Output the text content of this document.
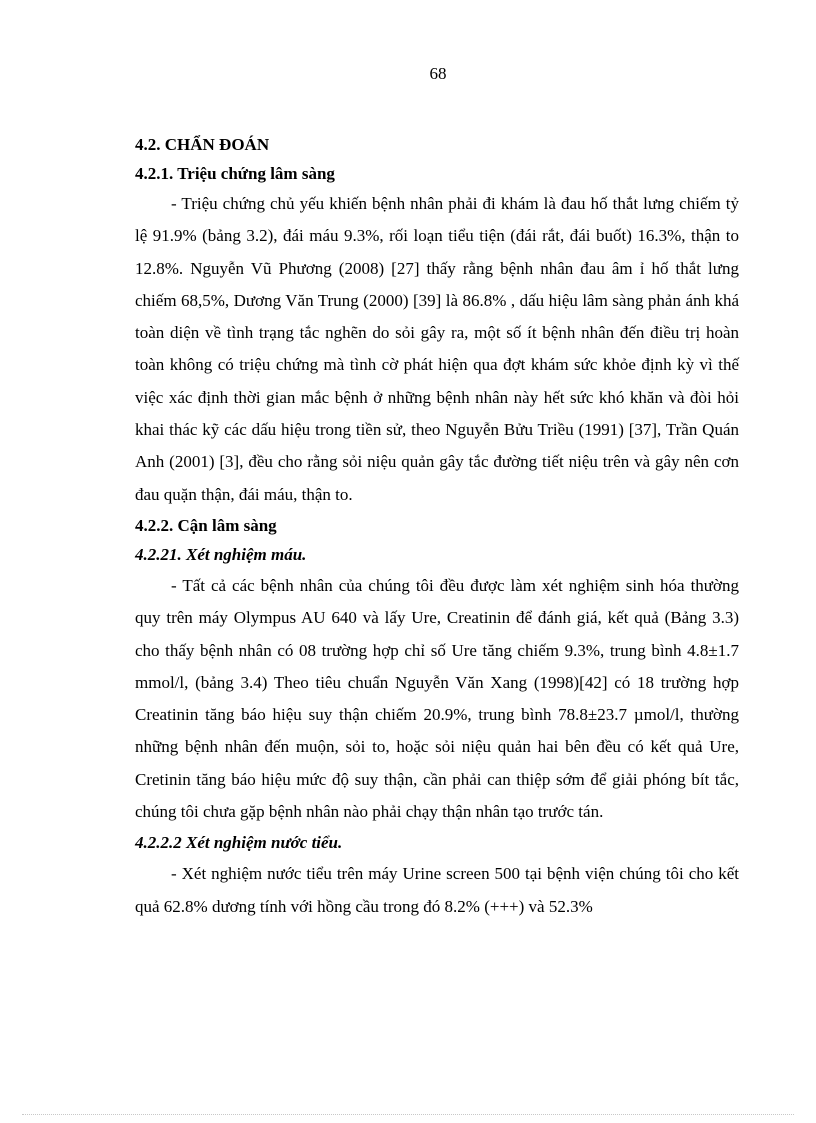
68

4.2. CHẨN ĐOÁN

4.2.1. Triệu chứng lâm sàng

- Triệu chứng chủ yếu khiến bệnh nhân phải đi khám là đau hố thắt lưng chiếm tỷ lệ 91.9% (bảng 3.2), đái máu 9.3%, rối loạn tiểu tiện (đái rắt, đái buốt) 16.3%, thận to 12.8%. Nguyễn Vũ Phương (2008) [27] thấy rằng bệnh nhân đau âm ỉ hố thắt lưng chiếm 68,5%, Dương Văn Trung (2000) [39] là 86.8% , dấu hiệu lâm sàng phản ánh khá toàn diện về tình trạng tắc nghẽn do sỏi gây ra, một số ít bệnh nhân đến điều trị hoàn toàn không có triệu chứng mà tình cờ phát hiện qua đợt khám sức khỏe định kỳ vì thế việc xác định thời gian mắc bệnh ở những bệnh nhân này hết sức khó khăn và đòi hỏi khai thác kỹ các dấu hiệu trong tiền sử, theo Nguyễn Bửu Triều (1991) [37], Trần Quán Anh (2001) [3], đều cho rằng sỏi niệu quản gây tắc đường tiết niệu trên và gây nên cơn đau quặn thận, đái máu, thận to.

4.2.2. Cận lâm sàng

4.2.21. Xét nghiệm máu.

- Tất cả các bệnh nhân của chúng tôi đều được làm xét nghiệm sinh hóa thường quy trên máy Olympus AU 640 và lấy Ure, Creatinin để đánh giá, kết quả (Bảng 3.3) cho thấy bệnh nhân có 08 trường hợp chỉ số Ure tăng chiếm 9.3%, trung bình 4.8±1.7 mmol/l, (bảng 3.4) Theo tiêu chuẩn Nguyễn Văn Xang (1998)[42] có 18 trường hợp Creatinin tăng báo hiệu suy thận chiếm 20.9%, trung bình 78.8±23.7 µmol/l, thường những bệnh nhân đến muộn, sỏi to, hoặc sỏi niệu quản hai bên đều có kết quả Ure, Cretinin tăng báo hiệu mức độ suy thận, cần phải can thiệp sớm để giải phóng bít tắc, chúng tôi chưa gặp bệnh nhân nào phải chạy thận nhân tạo trước tán.

4.2.2.2 Xét nghiệm nước tiểu.

- Xét nghiệm nước tiểu trên máy Urine screen 500 tại bệnh viện chúng tôi cho kết quả 62.8% dương tính với hồng cầu trong đó 8.2% (+++) và 52.3%
